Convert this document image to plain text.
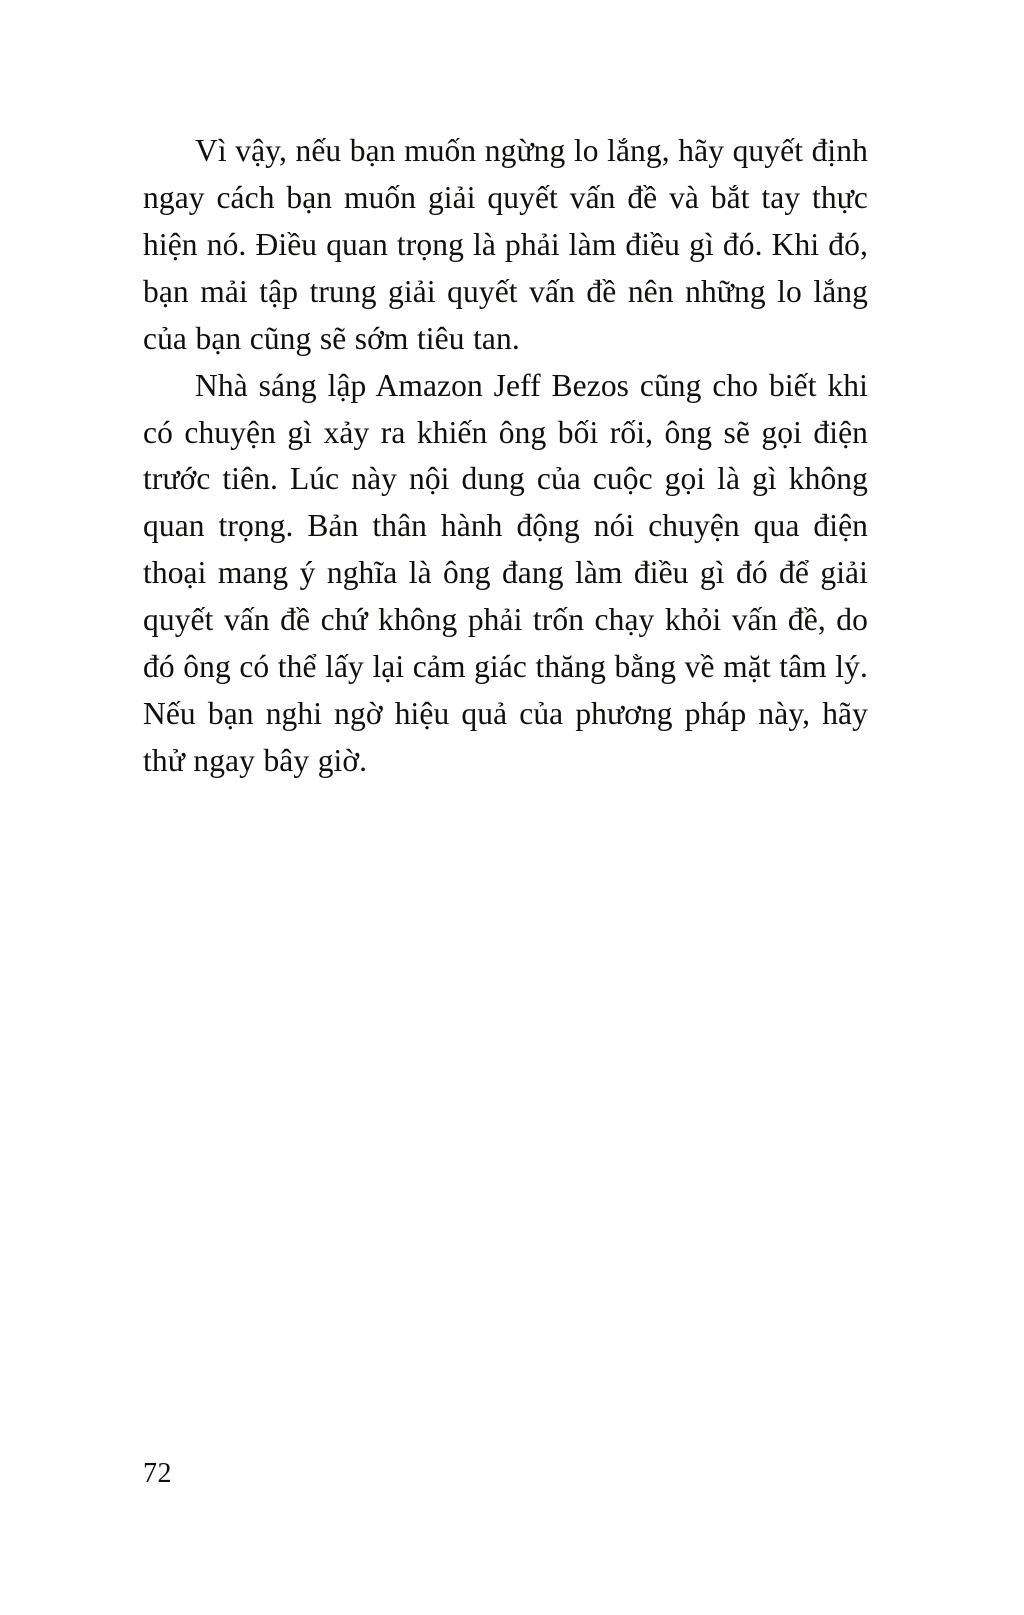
Vì vậy, nếu bạn muốn ngừng lo lắng, hãy quyết định ngay cách bạn muốn giải quyết vấn đề và bắt tay thực hiện nó. Điều quan trọng là phải làm điều gì đó. Khi đó, bạn mải tập trung giải quyết vấn đề nên những lo lắng của bạn cũng sẽ sớm tiêu tan.

Nhà sáng lập Amazon Jeff Bezos cũng cho biết khi có chuyện gì xảy ra khiến ông bối rối, ông sẽ gọi điện trước tiên. Lúc này nội dung của cuộc gọi là gì không quan trọng. Bản thân hành động nói chuyện qua điện thoại mang ý nghĩa là ông đang làm điều gì đó để giải quyết vấn đề chứ không phải trốn chạy khỏi vấn đề, do đó ông có thể lấy lại cảm giác thăng bằng về mặt tâm lý. Nếu bạn nghi ngờ hiệu quả của phương pháp này, hãy thử ngay bây giờ.

72
